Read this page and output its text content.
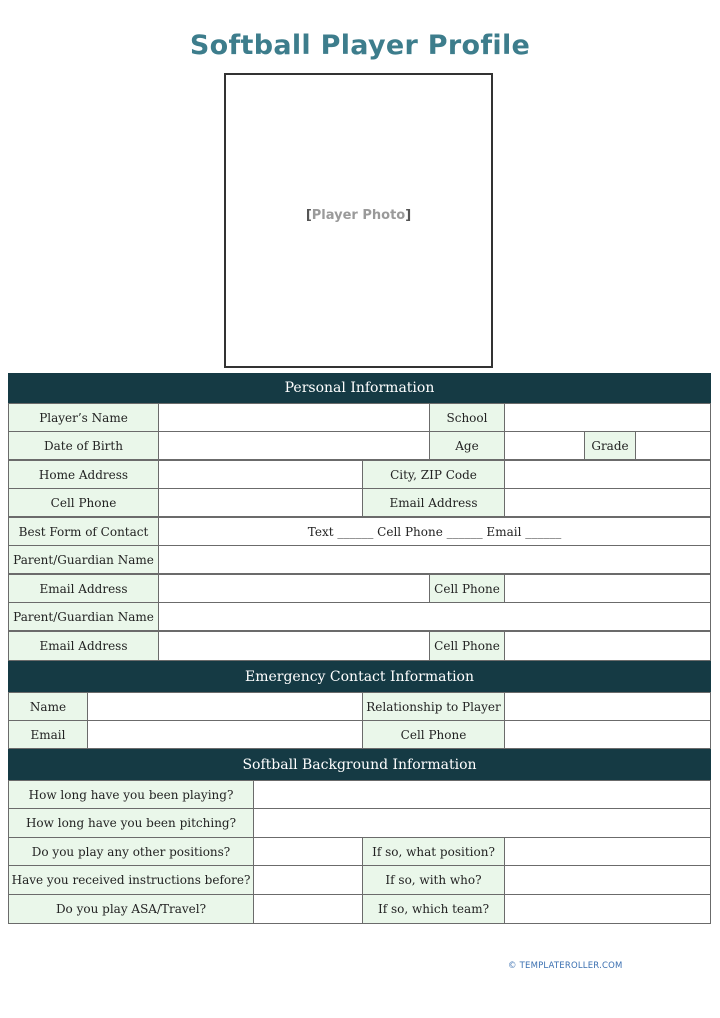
Softball Player Profile
[Player Photo]
Personal Information
Player’s Name	School
Date of Birth	Age	Grade
Home Address	City, ZIP Code
Cell Phone	Email Address
Best Form of Contact	Text ______ Cell Phone ______ Email ______
Parent/Guardian Name
Email Address	Cell Phone
Parent/Guardian Name
Email Address	Cell Phone
Emergency Contact Information
Name	Relationship to Player
Email	Cell Phone
Softball Background Information
How long have you been playing?
How long have you been pitching?
Do you play any other positions?	If so, what position?
Have you received instructions before?	If so, with who?
Do you play ASA/Travel?	If so, which team?
© TEMPLATEROLLER.COM
